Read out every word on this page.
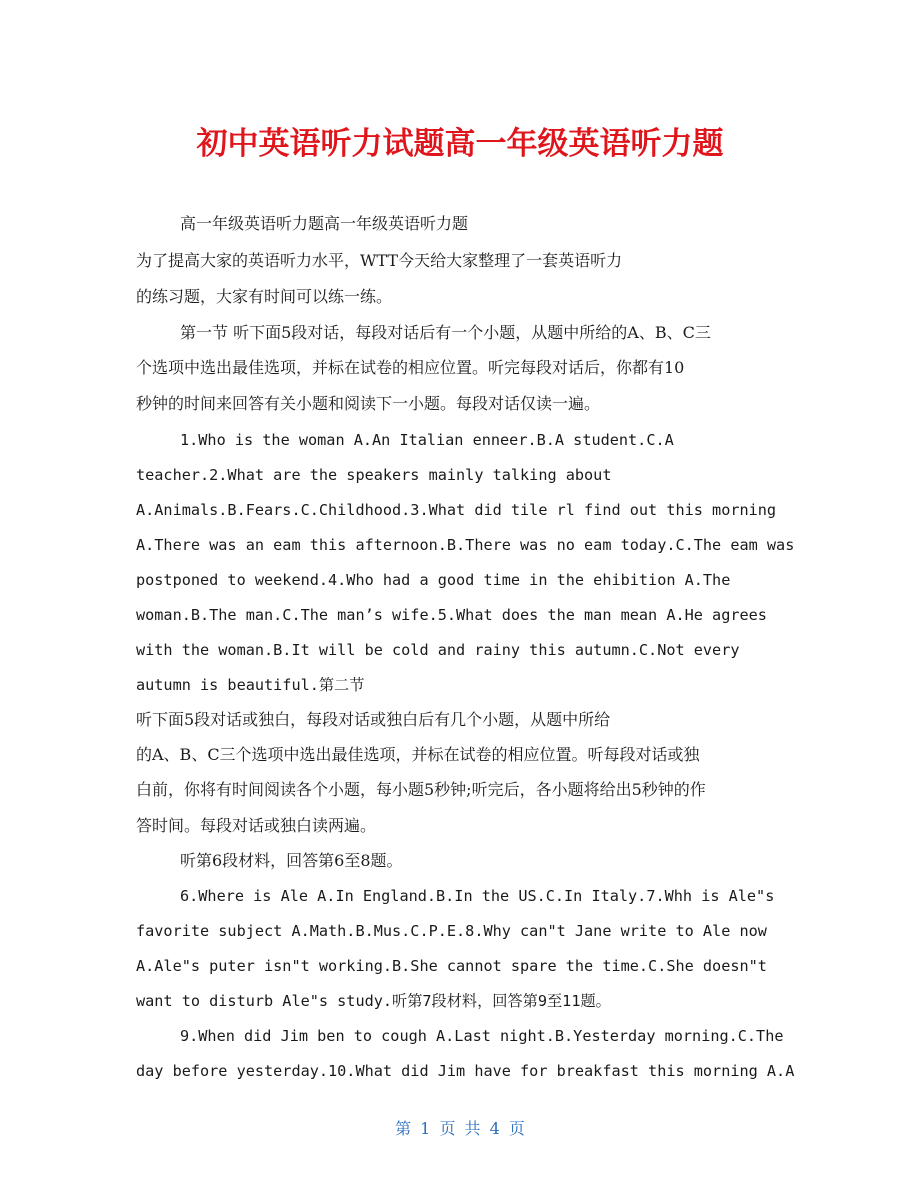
初中英语听力试题高一年级英语听力题
高一年级英语听力题高一年级英语听力题
为了提高大家的英语听力水平，WTT今天给大家整理了一套英语听力
的练习题，大家有时间可以练一练。
第一节 听下面5段对话，每段对话后有一个小题，从题中所给的A、B、C三
个选项中选出最佳选项，并标在试卷的相应位置。听完每段对话后，你都有10
秒钟的时间来回答有关小题和阅读下一小题。每段对话仅读一遍。
1.Who is the woman A.An Italian enneer.B.A student.C.A
teacher.2.What are the speakers mainly talking about
A.Animals.B.Fears.C.Childhood.3.What did tile rl find out this morning
A.There was an eam this afternoon.B.There was no eam today.C.The eam was
postponed to weekend.4.Who had a good time in the ehibition A.The
woman.B.The man.C.The man’s wife.5.What does the man mean A.He agrees
with the woman.B.It will be cold and rainy this autumn.C.Not every
autumn is beautiful.第二节
听下面5段对话或独白，每段对话或独白后有几个小题，从题中所给
的A、B、C三个选项中选出最佳选项，并标在试卷的相应位置。听每段对话或独
白前，你将有时间阅读各个小题，每小题5秒钟;听完后，各小题将给出5秒钟的作
答时间。每段对话或独白读两遍。
听第6段材料，回答第6至8题。
6.Where is Ale A.In England.B.In the US.C.In Italy.7.Whh is Ale"s
favorite subject A.Math.B.Mus.C.P.E.8.Why can"t Jane write to Ale now
A.Ale"s puter isn"t working.B.She cannot spare the time.C.She doesn"t
want to disturb Ale"s study.听第7段材料，回答第9至11题。
9.When did Jim ben to cough A.Last night.B.Yesterday morning.C.The
day before yesterday.10.What did Jim have for breakfast this morning A.A
第 1 页 共 4 页
